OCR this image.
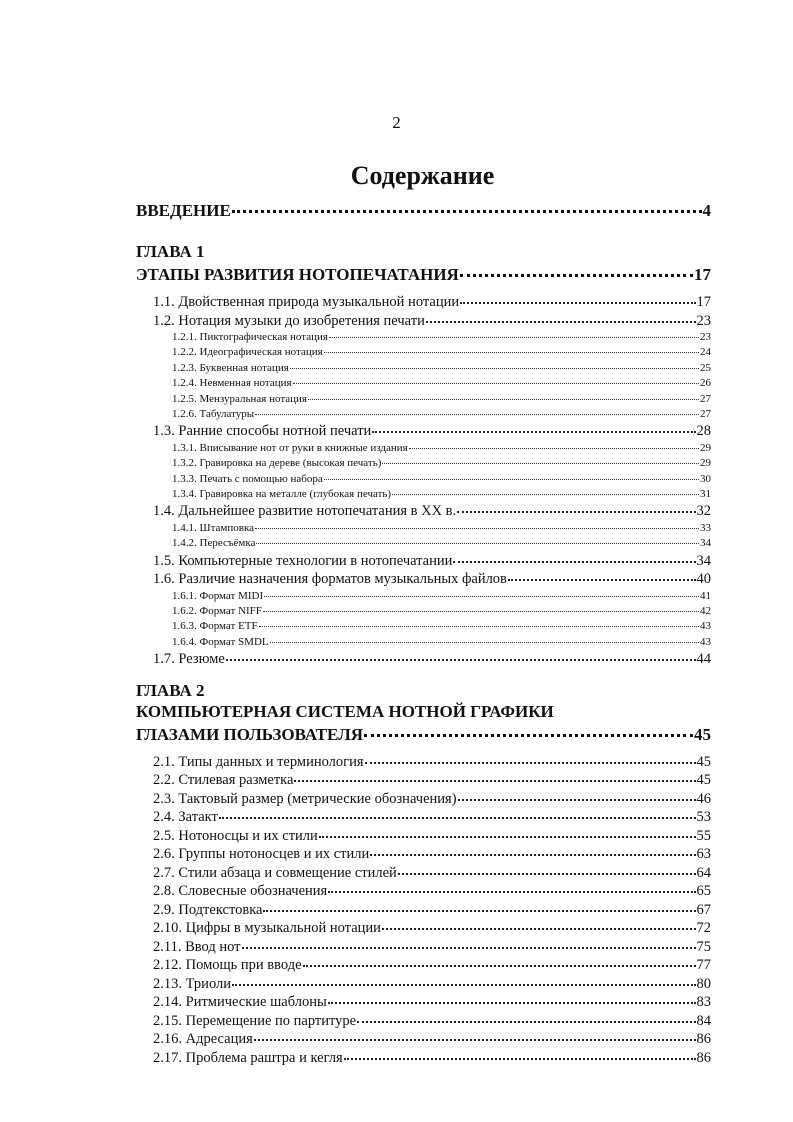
2
Содержание
ВВЕДЕНИЕ	4
ГЛАВА 1
ЭТАПЫ РАЗВИТИЯ НОТОПЕЧАТАНИЯ	17
1.1. Двойственная природа музыкальной нотации	17
1.2. Нотация музыки до изобретения печати	23
1.2.1. Пиктографическая нотация	23
1.2.2. Идеографическая нотация	24
1.2.3. Буквенная нотация	25
1.2.4. Невменная нотация	26
1.2.5. Мензуральная нотация	27
1.2.6. Табулатуры	27
1.3. Ранние способы нотной печати	28
1.3.1. Вписывание нот от руки в книжные издания	29
1.3.2. Гравировка на дереве (высокая печать)	29
1.3.3. Печать с помощью набора	30
1.3.4. Гравировка на металле (глубокая печать)	31
1.4. Дальнейшее развитие нотопечатания в XX в.	32
1.4.1. Штамповка	33
1.4.2. Пересъёмка	34
1.5. Компьютерные технологии в нотопечатании	34
1.6. Различие назначения форматов музыкальных файлов	40
1.6.1. Формат MIDI	41
1.6.2. Формат NIFF	42
1.6.3. Формат ETF	43
1.6.4. Формат SMDL	43
1.7. Резюме	44
ГЛАВА 2
КОМПЬЮТЕРНАЯ СИСТЕМА НОТНОЙ ГРАФИКИ
ГЛАЗАМИ ПОЛЬЗОВАТЕЛЯ	45
2.1. Типы данных и терминология	45
2.2. Стилевая разметка	45
2.3. Тактовый размер (метрические обозначения)	46
2.4. Затакт	53
2.5. Нотоносцы и их стили	55
2.6. Группы нотоносцев и их стили	63
2.7. Стили абзаца и совмещение стилей	64
2.8. Словесные обозначения	65
2.9. Подтекстовка	67
2.10. Цифры в музыкальной нотации	72
2.11. Ввод нот	75
2.12. Помощь при вводе	77
2.13. Триоли	80
2.14. Ритмические шаблоны	83
2.15. Перемещение по партитуре	84
2.16. Адресация	86
2.17. Проблема раштра и кегля	86
